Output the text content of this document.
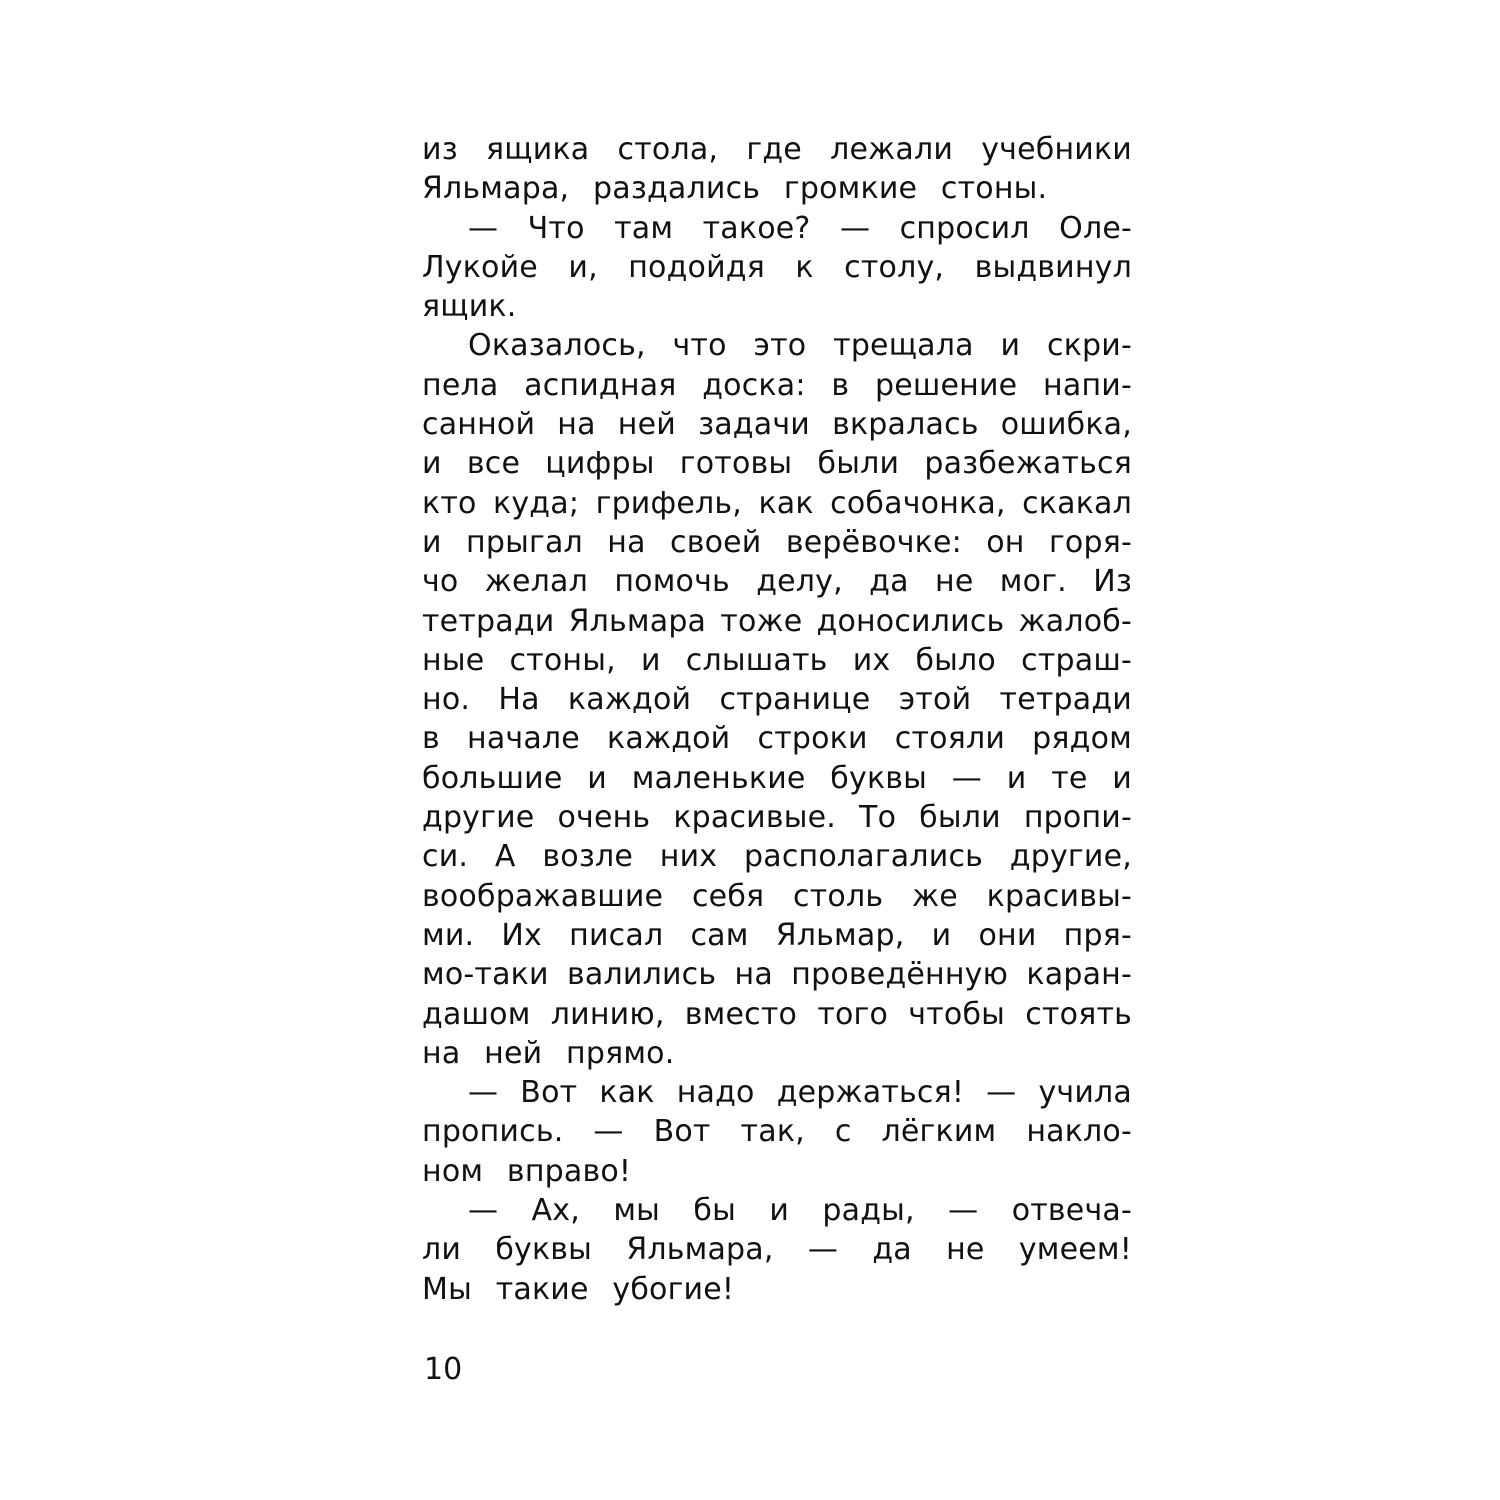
из ящика стола, где лежали учебники
Яльмара, раздались громкие стоны.
— Что там такое? — спросил Оле-
Лукойе и, подойдя к столу, выдвинул
ящик.
Оказалось, что это трещала и скри-
пела аспидная доска: в решение напи-
санной на ней задачи вкралась ошибка,
и все цифры готовы были разбежаться
кто куда; грифель, как собачонка, скакал
и прыгал на своей верёвочке: он горя-
чо желал помочь делу, да не мог. Из
тетради Яльмара тоже доносились жалоб-
ные стоны, и слышать их было страш-
но. На каждой странице этой тетради
в начале каждой строки стояли рядом
большие и маленькие буквы — и те и
другие очень красивые. То были пропи-
си. А возле них располагались другие,
воображавшие себя столь же красивы-
ми. Их писал сам Яльмар, и они пря-
мо-таки валились на проведённую каран-
дашом линию, вместо того чтобы стоять
на ней прямо.
— Вот как надо держаться! — учила
пропись. — Вот так, с лёгким накло-
ном вправо!
— Ах, мы бы и рады, — отвеча-
ли буквы Яльмара, — да не умеем!
Мы такие убогие!
10
